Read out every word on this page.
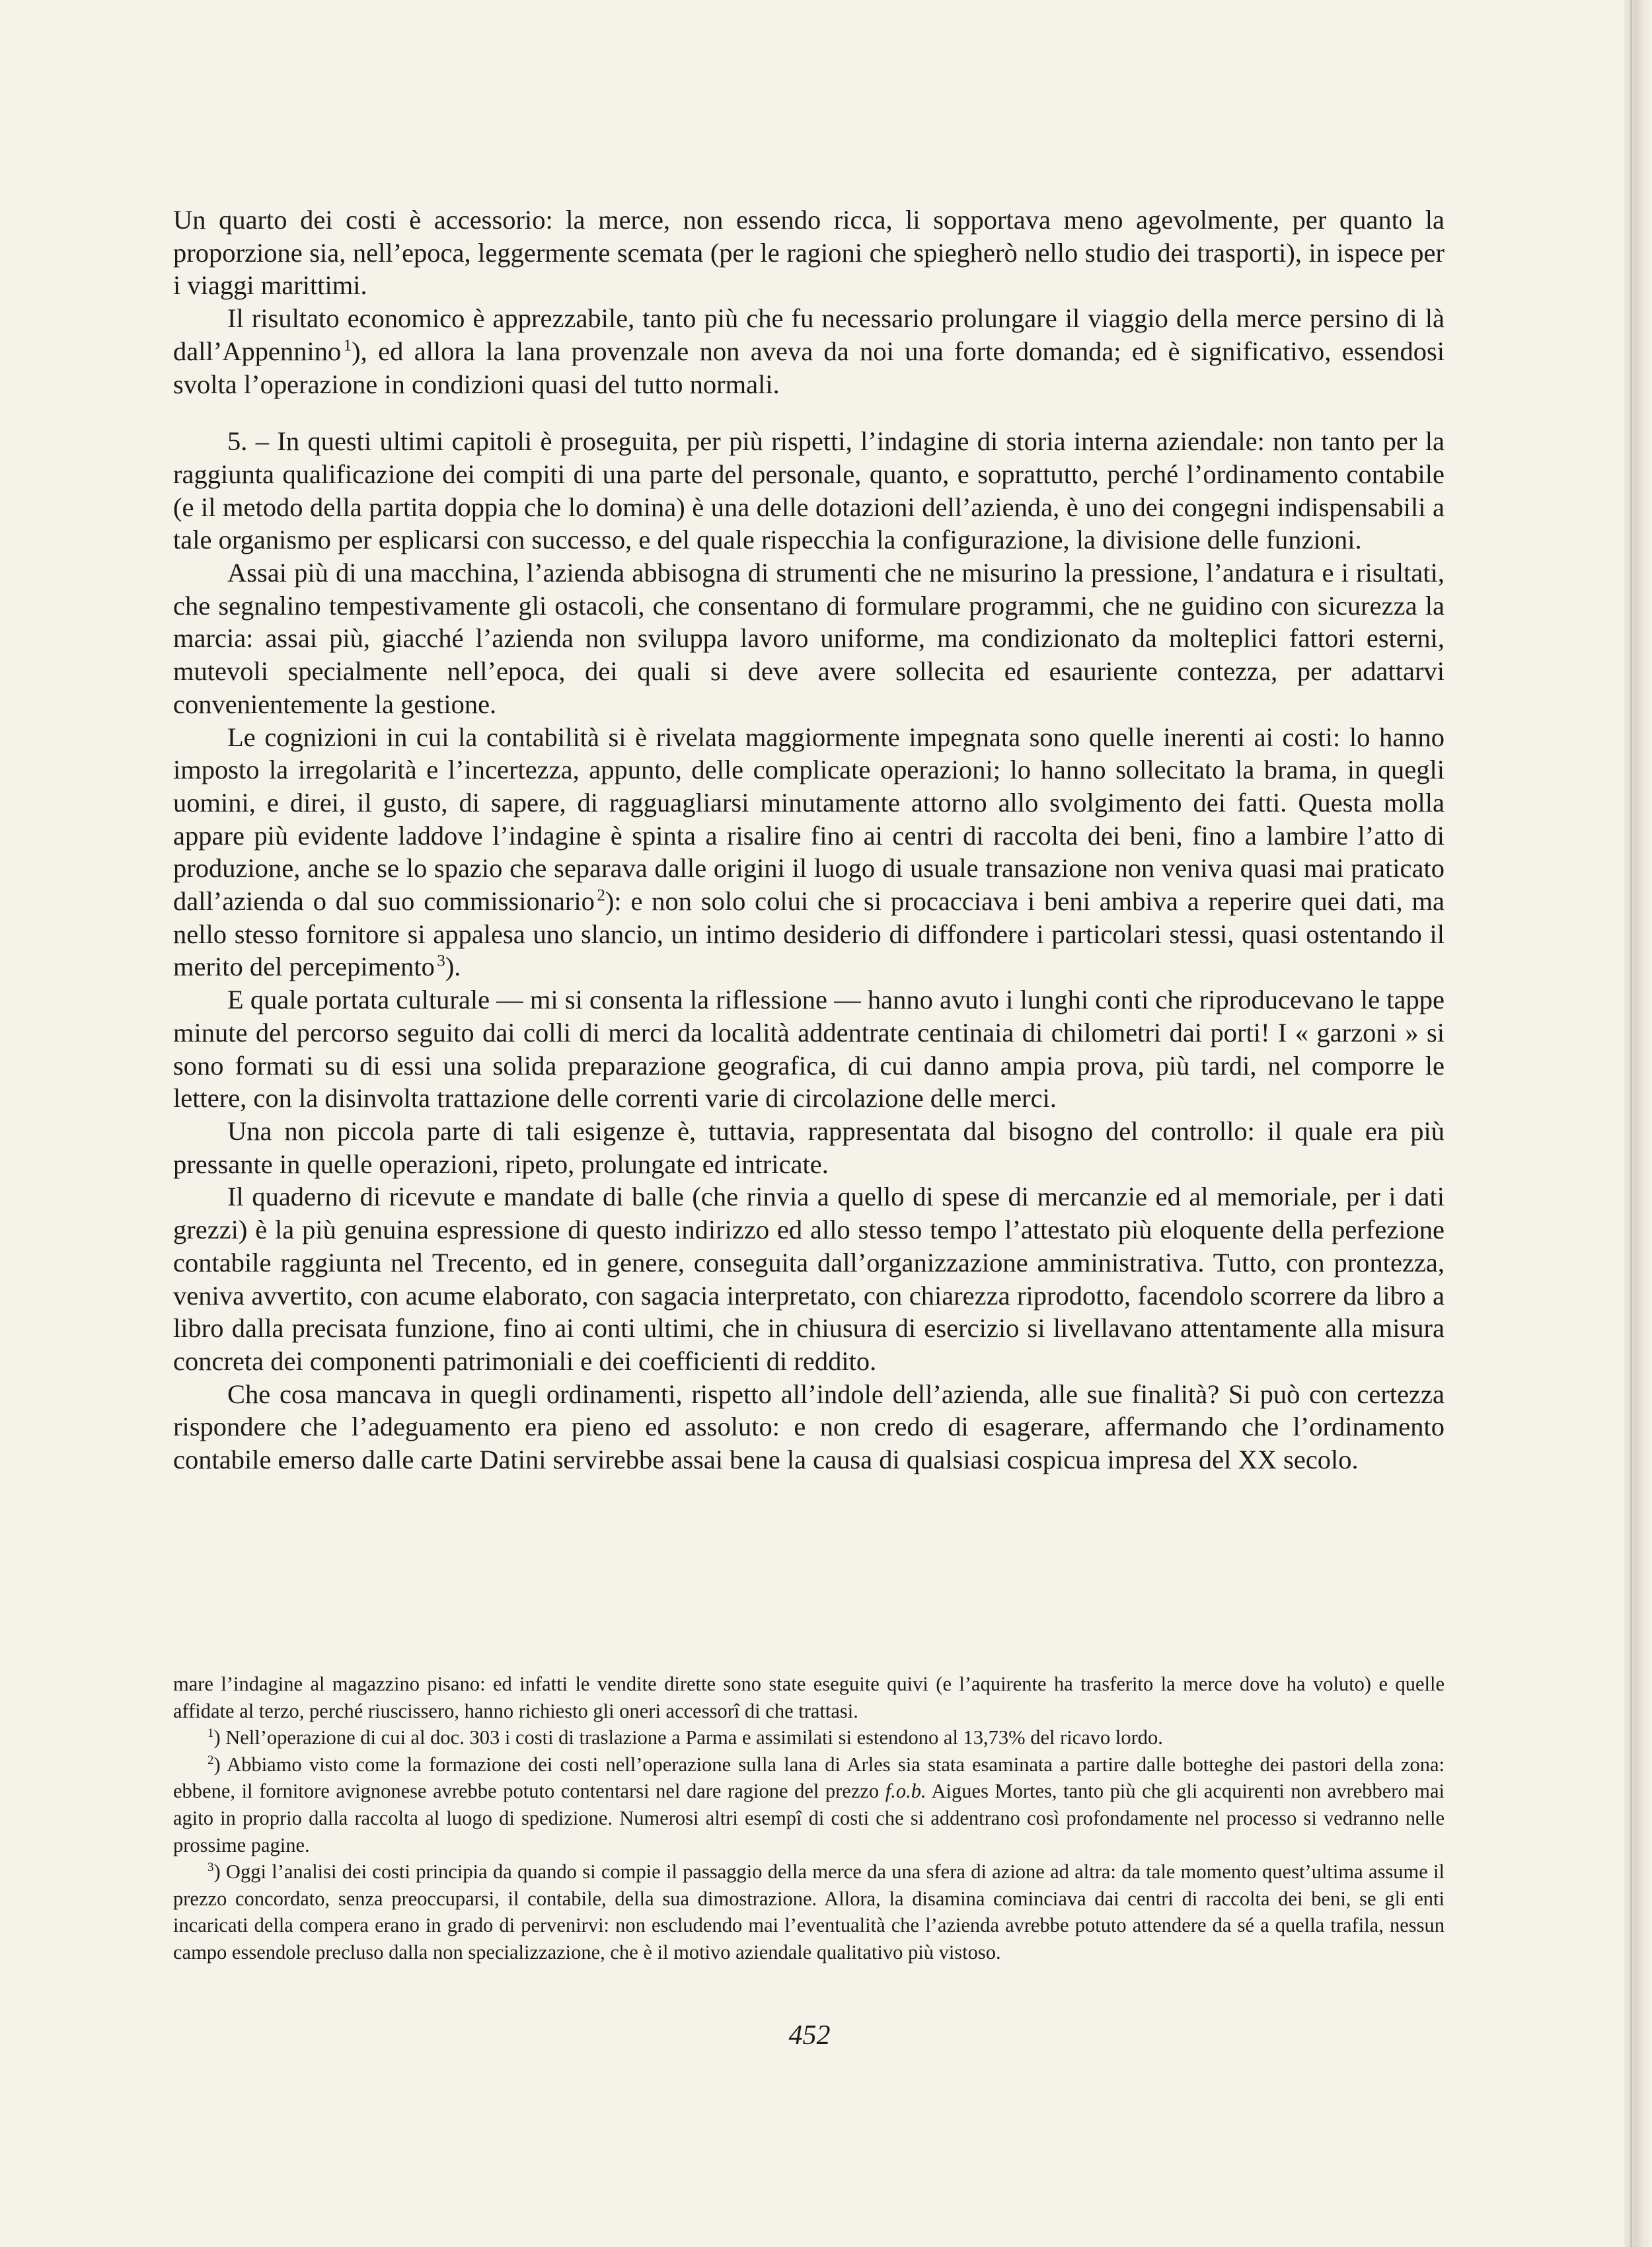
Un quarto dei costi è accessorio: la merce, non essendo ricca, li sopportava meno agevolmente, per quanto la proporzione sia, nell’epoca, leggermente scemata (per le ragioni che spiegherò nello studio dei trasporti), in ispece per i viaggi marittimi.

Il risultato economico è apprezzabile, tanto più che fu necessario prolungare il viaggio della merce persino di là dall’Appennino  $^1$), ed allora la lana provenzale non aveva da noi una forte domanda; ed è significativo, essendosi svolta l’operazione in condizioni quasi del tutto normali.

5. – In questi ultimi capitoli è proseguita, per più rispetti, l’indagine di storia interna aziendale: non tanto per la raggiunta qualificazione dei compiti di una parte del personale, quanto, e soprattutto, perché l’ordinamento contabile (e il metodo della partita doppia che lo domina) è una delle dotazioni dell’azienda, è uno dei congegni indispensabili a tale organismo per esplicarsi con successo, e del quale rispecchia la configurazione, la divisione delle funzioni.

Assai più di una macchina, l’azienda abbisogna di strumenti che ne misurino la pressione, l’andatura e i risultati, che segnalino tempestivamente gli ostacoli, che consentano di formulare programmi, che ne guidino con sicurezza la marcia: assai più, giacché l’azienda non sviluppa lavoro uniforme, ma condizionato da molteplici fattori esterni, mutevoli specialmente nell’epoca, dei quali si deve avere sollecita ed esauriente contezza, per adattarvi convenientemente la gestione.

Le cognizioni in cui la contabilità si è rivelata maggiormente impegnata sono quelle inerenti ai costi: lo hanno imposto la irregolarità e l’incertezza, appunto, delle complicate operazioni; lo hanno sollecitato la brama, in quegli uomini, e direi, il gusto, di sapere, di ragguagliarsi minutamente attorno allo svolgimento dei fatti. Questa molla appare più evidente laddove l’indagine è spinta a risalire fino ai centri di raccolta dei beni, fino a lambire l’atto di produzione, anche se lo spazio che separava dalle origini il luogo di usuale transazione non veniva quasi mai praticato dall’azienda o dal suo commissionario  $^2$): e non solo colui che si procacciava i beni ambiva a reperire quei dati, ma nello stesso fornitore si appalesa uno slancio, un intimo desiderio di diffondere i particolari stessi, quasi ostentando il merito del percepimento  $^3$).

E quale portata culturale — mi si consenta la riflessione — hanno avuto i lunghi conti che riproducevano le tappe minute del percorso seguito dai colli di merci da località addentrate centinaia di chilometri dai porti! I « garzoni » si sono formati su di essi una solida preparazione geografica, di cui danno ampia prova, più tardi, nel comporre le lettere, con la disinvolta trattazione delle correnti varie di circolazione delle merci.

Una non piccola parte di tali esigenze è, tuttavia, rappresentata dal bisogno del controllo: il quale era più pressante in quelle operazioni, ripeto, prolungate ed intricate.

Il quaderno di ricevute e mandate di balle (che rinvia a quello di spese di mercanzie ed al memoriale, per i dati grezzi) è la più genuina espressione di questo indirizzo ed allo stesso tempo l’attestato più eloquente della perfezione contabile raggiunta nel Trecento, ed in genere, conseguita dall’organizzazione amministrativa. Tutto, con prontezza, veniva avvertito, con acume elaborato, con sagacia interpretato, con chiarezza riprodotto, facendolo scorrere da libro a libro dalla precisata funzione, fino ai conti ultimi, che in chiusura di esercizio si livellavano attentamente alla misura concreta dei componenti patrimoniali e dei coefficienti di reddito.

Che cosa mancava in quegli ordinamenti, rispetto all’indole dell’azienda, alle sue finalità? Si può con certezza rispondere che l’adeguamento era pieno ed assoluto: e non credo di esagerare, affermando che l’ordinamento contabile emerso dalle carte Datini servirebbe assai bene la causa di qualsiasi cospicua impresa del XX secolo.

mare l’indagine al magazzino pisano: ed infatti le vendite dirette sono state eseguite quivi (e l’aquirente ha trasferito la merce dove ha voluto) e quelle affidate al terzo, perché riuscissero, hanno richiesto gli oneri accessorî di che trattasi.

$^1$) Nell’operazione di cui al doc. 303 i costi di traslazione a Parma e assimilati si estendono al 13,73% del ricavo lordo.

$^2$) Abbiamo visto come la formazione dei costi nell’operazione sulla lana di Arles sia stata esaminata a partire dalle botteghe dei pastori della zona: ebbene, il fornitore avignonese avrebbe potuto contentarsi nel dare ragione del prezzo f.o.b. Aigues Mortes, tanto più che gli acquirenti non avrebbero mai agito in proprio dalla raccolta al luogo di spedizione. Numerosi altri esempî di costi che si addentrano così profondamente nel processo si vedranno nelle prossime pagine.

$^3$) Oggi l’analisi dei costi principia da quando si compie il passaggio della merce da una sfera di azione ad altra: da tale momento quest’ultima assume il prezzo concordato, senza preoccuparsi, il contabile, della sua dimostrazione. Allora, la disamina cominciava dai centri di raccolta dei beni, se gli enti incaricati della compera erano in grado di pervenirvi: non escludendo mai l’eventualità che l’azienda avrebbe potuto attendere da sé a quella trafila, nessun campo essendole precluso dalla non specializzazione, che è il motivo aziendale qualitativo più vistoso.

452
